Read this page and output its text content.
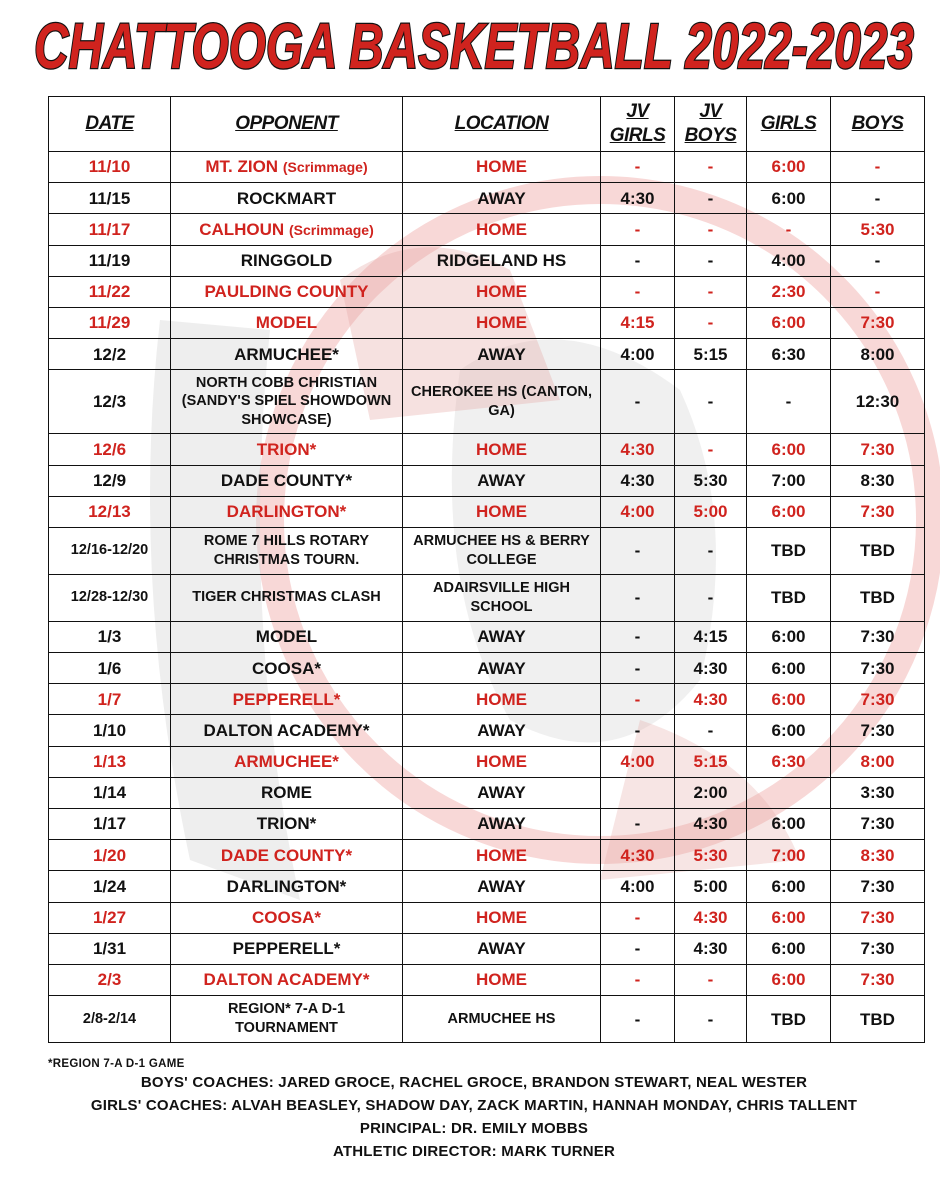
CHATTOOGA BASKETBALL 2022-2023
DATE	OPPONENT	LOCATION	JV GIRLS	JV BOYS	GIRLS	BOYS
11/10	MT. ZION (Scrimmage)	HOME	-	-	6:00	-
11/15	ROCKMART	AWAY	4:30	-	6:00	-
11/17	CALHOUN (Scrimmage)	HOME	-	-	-	5:30
11/19	RINGGOLD	RIDGELAND HS	-	-	4:00	-
11/22	PAULDING COUNTY	HOME	-	-	2:30	-
11/29	MODEL	HOME	4:15	-	6:00	7:30
12/2	ARMUCHEE*	AWAY	4:00	5:15	6:30	8:00
12/3	NORTH COBB CHRISTIAN (SANDY'S SPIEL SHOWDOWN SHOWCASE)	CHEROKEE HS (CANTON, GA)	-	-	-	12:30
12/6	TRION*	HOME	4:30	-	6:00	7:30
12/9	DADE COUNTY*	AWAY	4:30	5:30	7:00	8:30
12/13	DARLINGTON*	HOME	4:00	5:00	6:00	7:30
12/16-12/20	ROME 7 HILLS ROTARY CHRISTMAS TOURN.	ARMUCHEE HS & BERRY COLLEGE	-	-	TBD	TBD
12/28-12/30	TIGER CHRISTMAS CLASH	ADAIRSVILLE HIGH SCHOOL	-	-	TBD	TBD
1/3	MODEL	AWAY	-	4:15	6:00	7:30
1/6	COOSA*	AWAY	-	4:30	6:00	7:30
1/7	PEPPERELL*	HOME	-	4:30	6:00	7:30
1/10	DALTON ACADEMY*	AWAY	-	-	6:00	7:30
1/13	ARMUCHEE*	HOME	4:00	5:15	6:30	8:00
1/14	ROME	AWAY		2:00		3:30
1/17	TRION*	AWAY	-	4:30	6:00	7:30
1/20	DADE COUNTY*	HOME	4:30	5:30	7:00	8:30
1/24	DARLINGTON*	AWAY	4:00	5:00	6:00	7:30
1/27	COOSA*	HOME	-	4:30	6:00	7:30
1/31	PEPPERELL*	AWAY	-	4:30	6:00	7:30
2/3	DALTON ACADEMY*	HOME	-	-	6:00	7:30
2/8-2/14	REGION* 7-A D-1 TOURNAMENT	ARMUCHEE HS	-	-	TBD	TBD
*REGION 7-A D-1 GAME
BOYS' COACHES: JARED GROCE, RACHEL GROCE, BRANDON STEWART, NEAL WESTER
GIRLS' COACHES: ALVAH BEASLEY, SHADOW DAY, ZACK MARTIN, HANNAH MONDAY, CHRIS TALLENT
PRINCIPAL: DR. EMILY MOBBS
ATHLETIC DIRECTOR: MARK TURNER
